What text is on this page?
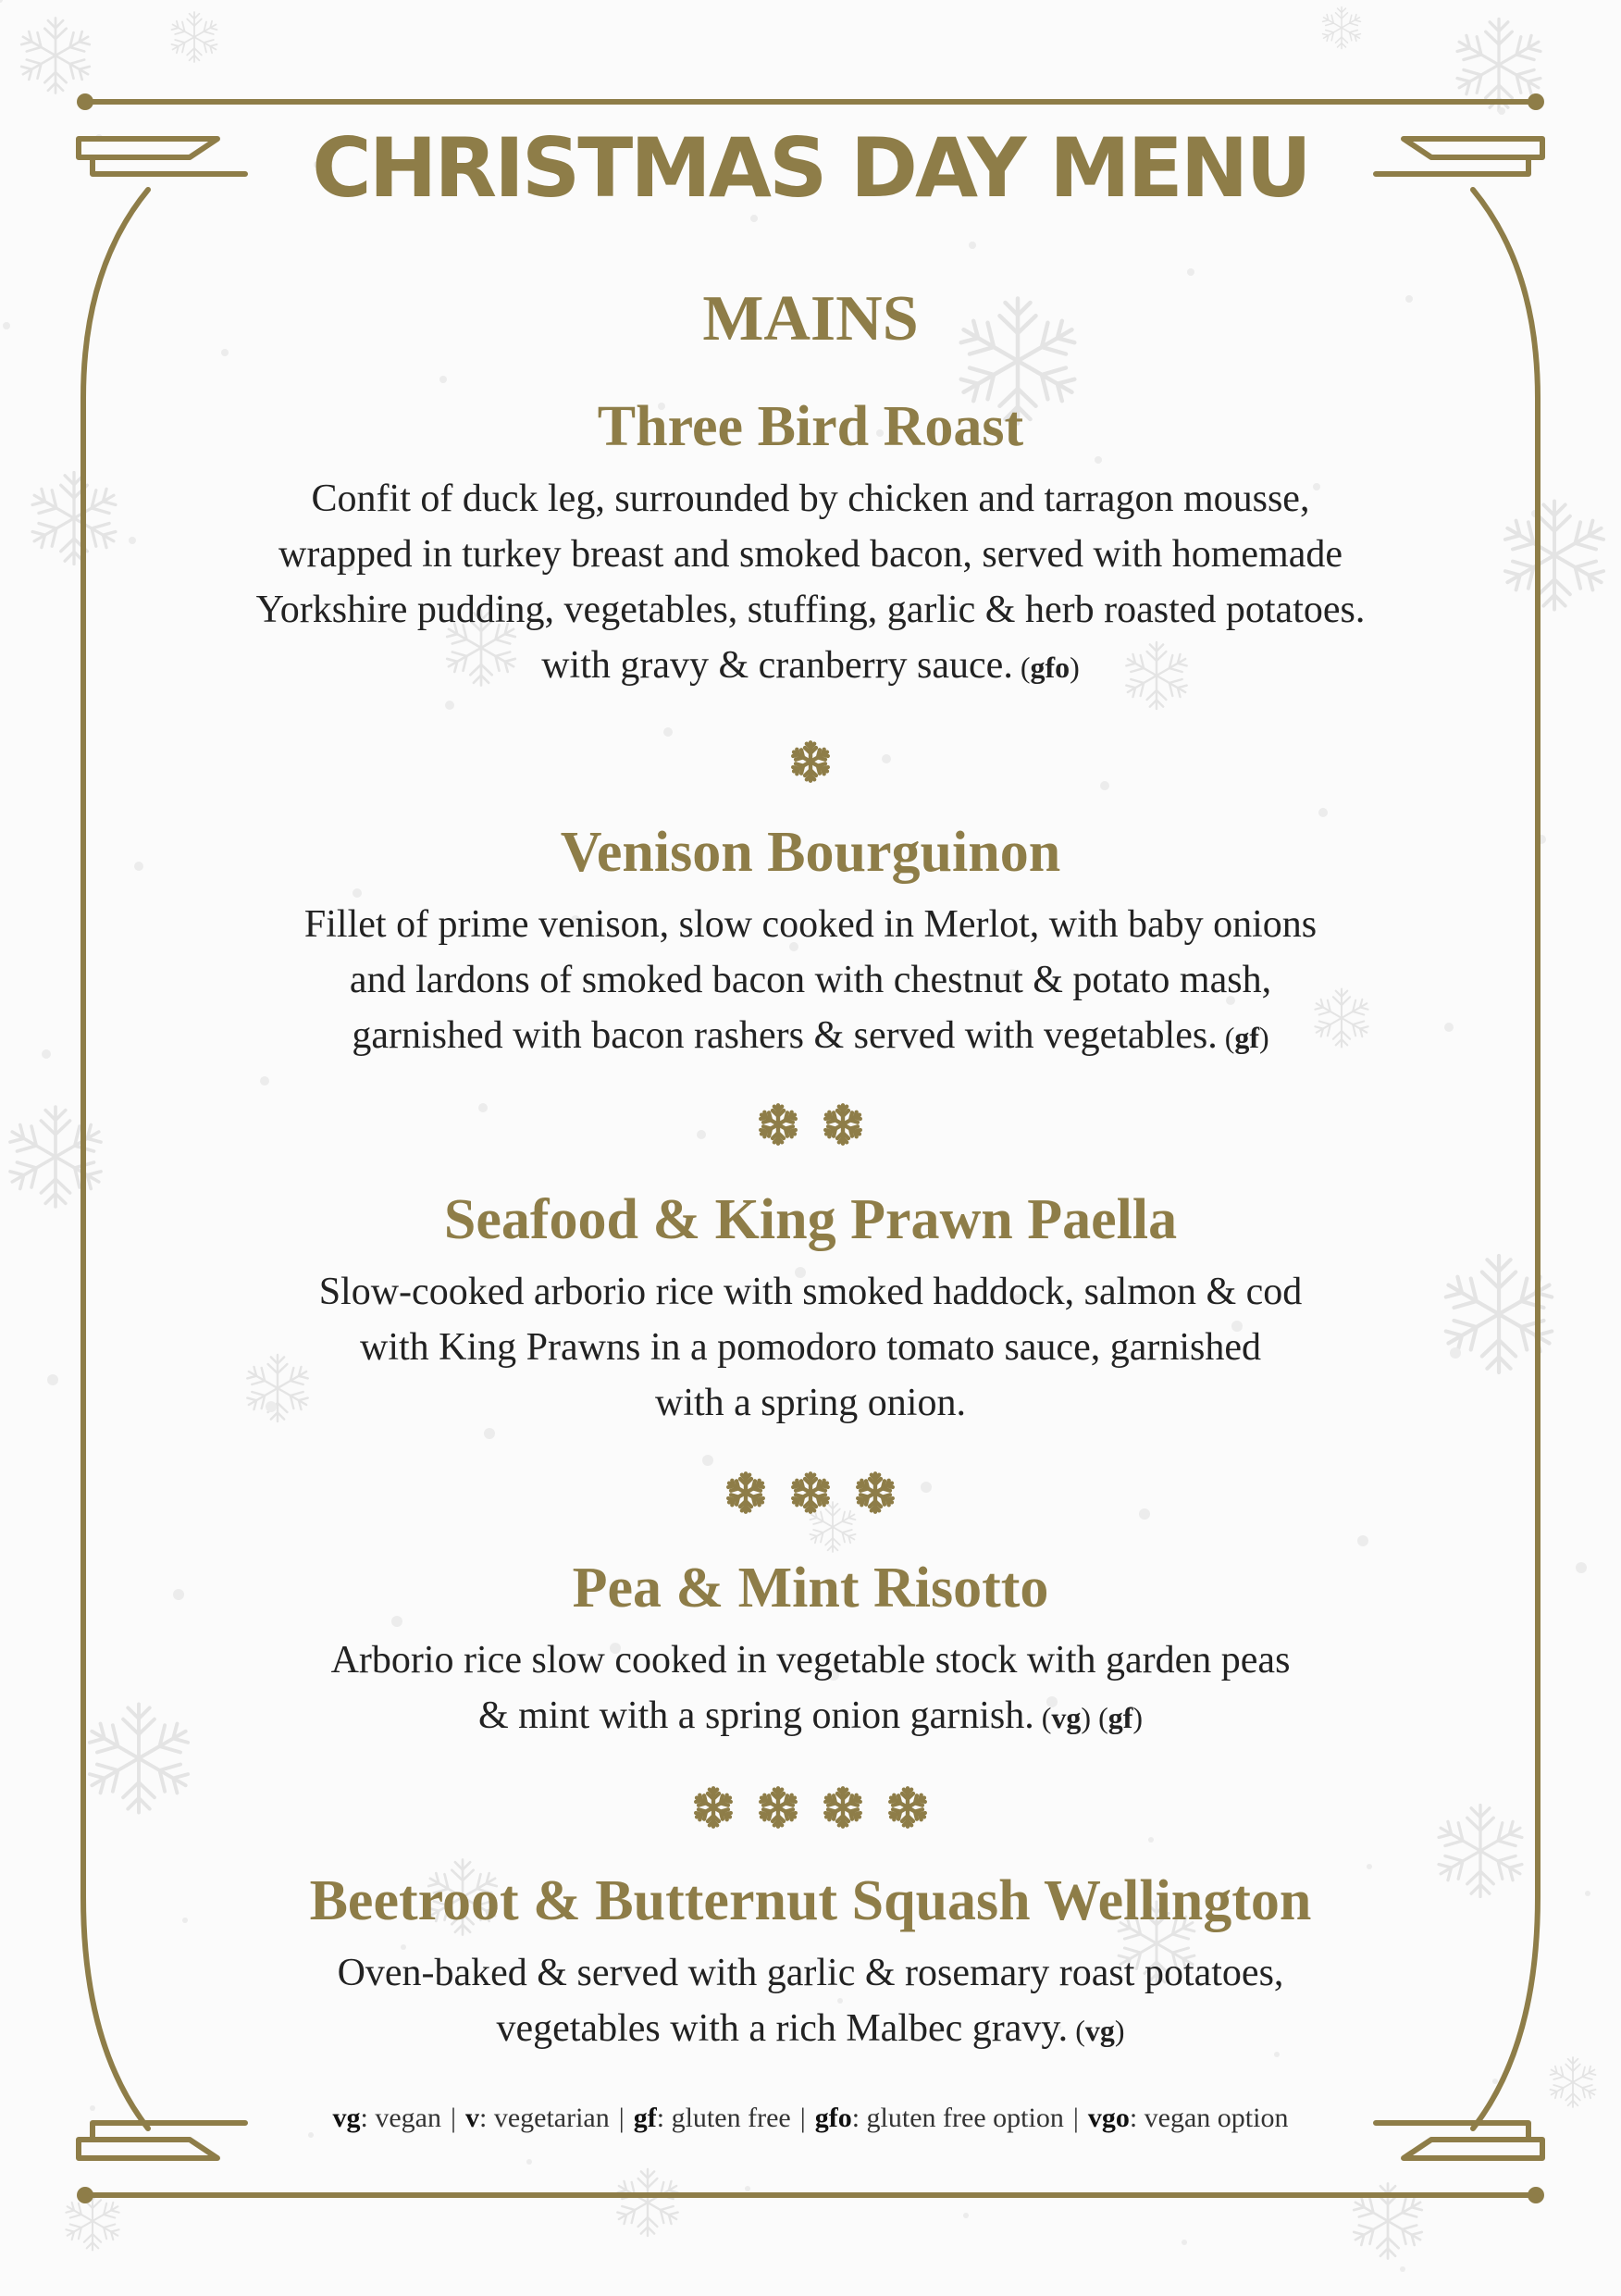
CHRISTMAS DAY MENU
MAINS
Three Bird Roast

Confit of duck leg, surrounded by chicken and tarragon mousse,
wrapped in turkey breast and smoked bacon, served with homemade
Yorkshire pudding, vegetables, stuffing, garlic & herb roasted potatoes.
with gravy & cranberry sauce. (gfo)

Venison Bourguinon

Fillet of prime venison, slow cooked in Merlot, with baby onions
and lardons of smoked bacon with chestnut & potato mash,
garnished with bacon rashers & served with vegetables. (gf)

Seafood & King Prawn Paella

Slow-cooked arborio rice with smoked haddock, salmon & cod
with King Prawns in a pomodoro tomato sauce, garnished
with a spring onion.

Pea & Mint Risotto

Arborio rice slow cooked in vegetable stock with garden peas
& mint with a spring onion garnish. (vg) (gf)

Beetroot & Butternut Squash Wellington

Oven-baked & served with garlic & rosemary roast potatoes,
vegetables with a rich Malbec gravy. (vg)

vg: vegan | v: vegetarian | gf: gluten free | gfo: gluten free option | vgo: vegan option
